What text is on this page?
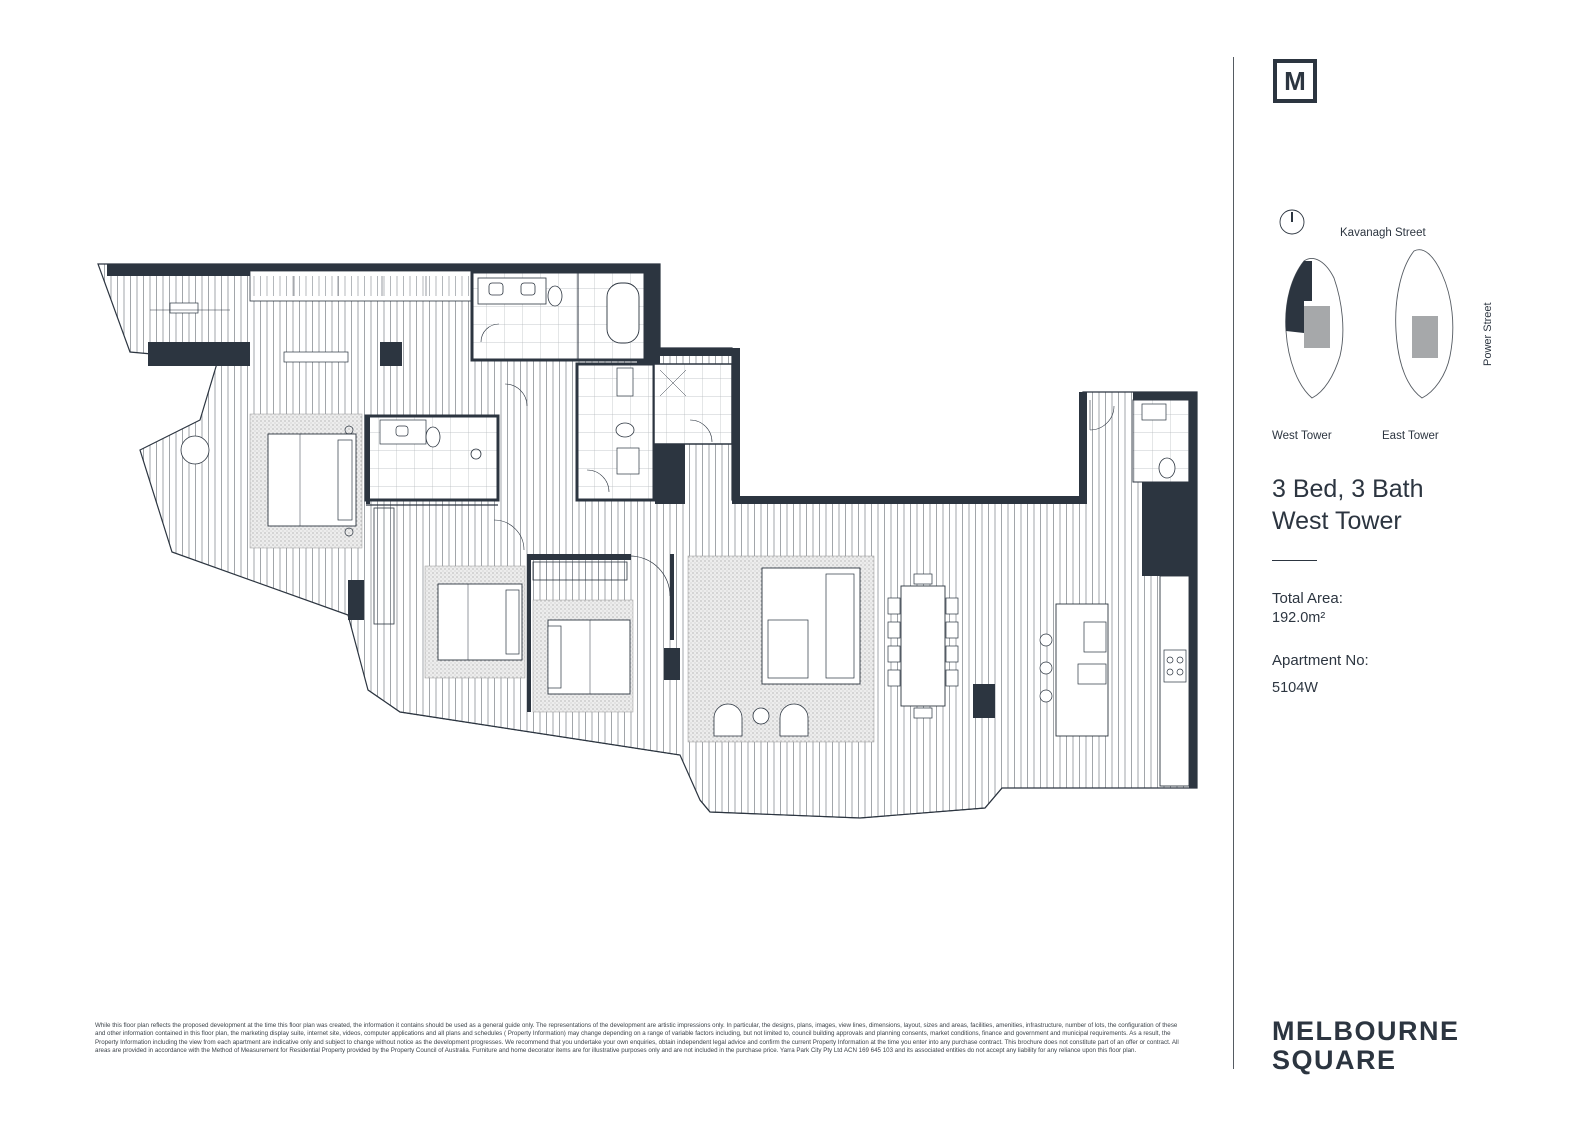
M
Kavanagh Street
Power Street
West Tower	East Tower
3 Bed, 3 Bath
West Tower
Total Area:
192.0m²
Apartment No:
5104W
MELBOURNE
SQUARE
While this floor plan reflects the proposed development at the time this floor plan was created, the information it contains should be used as a general guide only. The representations of the development are artistic impressions only. In particular, the designs, plans, images, view lines, dimensions, layout, sizes and areas, facilities, amenities, infrastructure, number of lots, the configuration of these and other information contained in this floor plan, the marketing display suite, internet site, videos, computer applications and all plans and schedules ( Property Information) may change depending on a range of variable factors including, but not limited to, council building approvals and planning consents, market conditions, finance and government and municipal requirements. As a result, the Property Information including the view from each apartment are indicative only and subject to change without notice as the development progresses. We recommend that you undertake your own enquiries, obtain independent legal advice and confirm the current Property Information at the time you enter into any purchase contract. This brochure does not constitute part of an offer or contract. All areas are provided in accordance with the Method of Measurement for Residential Property provided by the Property Council of Australia. Furniture and home decorator items are for illustrative purposes only and are not included in the purchase price. Yarra Park City Pty Ltd ACN 169 645 103 and its associated entities do not accept any liability for any reliance upon this floor plan.
